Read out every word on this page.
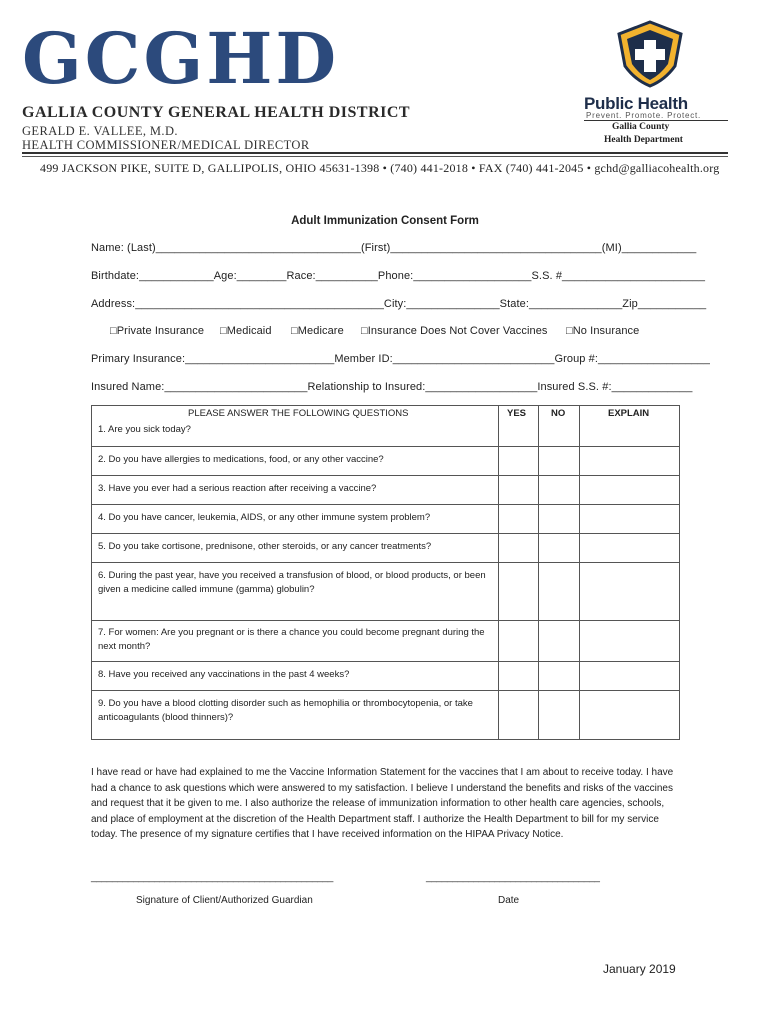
GCGHD
GALLIA COUNTY GENERAL HEALTH DISTRICT
GERALD E. VALLEE, M.D.
HEALTH COMMISSIONER/MEDICAL DIRECTOR
499 JACKSON PIKE, SUITE D, GALLIPOLIS, OHIO 45631-1398 • (740) 441-2018 • FAX (740) 441-2045 • gchd@galliacohealth.org
Public Health
Prevent. Promote. Protect.
Gallia County
Health Department
Adult Immunization Consent Form
Name: (Last)_________________________________(First)__________________________________(MI)____________
Birthdate:____________Age:________Race:__________Phone:___________________S.S. #_______________________
Address:________________________________________City:_______________State:_______________Zip___________
□Private Insurance □Medicaid □Medicare □Insurance Does Not Cover Vaccines □No Insurance
Primary Insurance:________________________Member ID:__________________________Group #:__________________
Insured Name:_______________________Relationship to Insured:__________________Insured S.S. #:_____________
PLEASE ANSWER THE FOLLOWING QUESTIONS	YES	NO	EXPLAIN
1. Are you sick today?
2. Do you have allergies to medications, food, or any other vaccine?
3. Have you ever had a serious reaction after receiving a vaccine?
4. Do you have cancer, leukemia, AIDS, or any other immune system problem?
5. Do you take cortisone, prednisone, other steroids, or any cancer treatments?
6. During the past year, have you received a transfusion of blood, or blood products, or been given a medicine called immune (gamma) globulin?
7. For women: Are you pregnant or is there a chance you could become pregnant during the next month?
8. Have you received any vaccinations in the past 4 weeks?
9. Do you have a blood clotting disorder such as hemophilia or thrombocytopenia, or take anticoagulants (blood thinners)?
I have read or have had explained to me the Vaccine Information Statement for the vaccines that I am about to receive today. I have had a chance to ask questions which were answered to my satisfaction. I believe I understand the benefits and risks of the vaccines and request that it be given to me. I also authorize the release of immunization information to other health care agencies, schools, and place of employment at the discretion of the Health Department staff. I authorize the Health Department to bill for my service today. The presence of my signature certifies that I have received information on the HIPAA Privacy Notice.
______________________________________________	_________________________________
Signature of Client/Authorized Guardian	Date
January 2019
